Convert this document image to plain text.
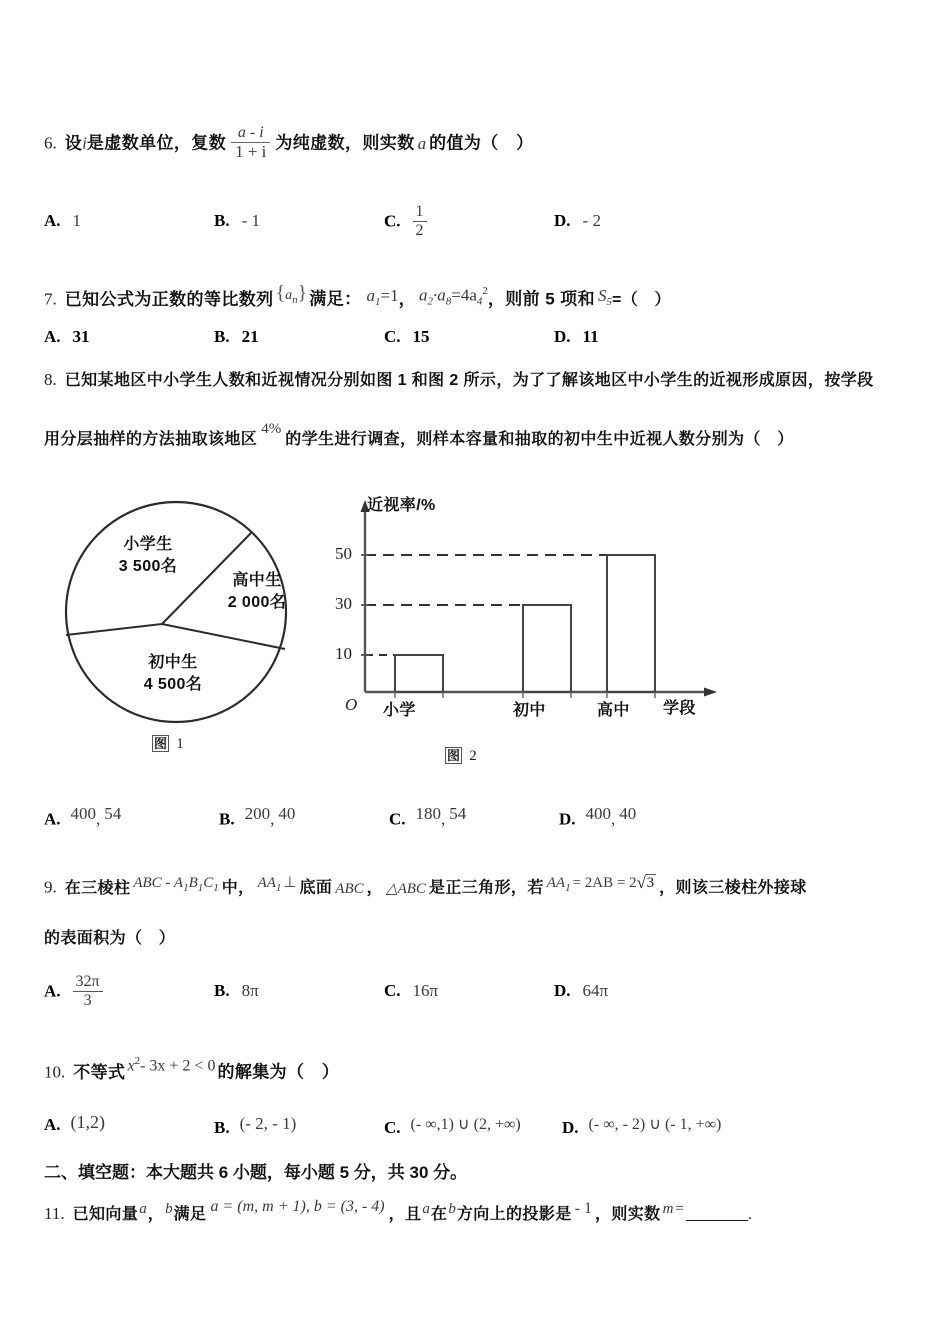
6. 设i是虚数单位，复数 $\frac{a - i}{1 + i}$ 为纯虚数，则实数 a 的值为（　）
A. 1	B. - 1	C. $\frac{1}{2}$	D. - 2
7. 已知公式为正数的等比数列 $\{a_n\}$ 满足： $a_1=1$， $a_2\cdot a_8=4a_4^2$，则前 5 项和 $S_5=$（　）
A. 31	B. 21	C. 15	D. 11
8. 已知某地区中小学生人数和近视情况分别如图 1 和图 2 所示，为了了解该地区中小学生的近视形成原因，按学段
用分层抽样的方法抽取该地区4%的学生进行调查，则样本容量和抽取的初中生中近视人数分别为（　）
小学生
3 500名
高中生
2 000名
初中生
4 500名
图 1
近视率/%
50
30
10
O 小学	初中	高中 学段
图 2
A. 400, 54	B. 200, 40	C. 180, 54	D. 400, 40
9. 在三棱柱 ABC - $A_1B_1C_1$ 中， $AA_1$ ⊥ 底面 ABC ， △ABC 是正三角形，若 $AA_1 = 2AB = 2$ √ 3 ，则该三棱柱外接球
的表面积为（　）
A. $\frac{32\pi}{3}$	B. 8π	C. 16π	D. 64π
10. 不等式 $x^2-$ 3x + 2 < 0 的解集为（　）
A. (1,2)	B. (- 2, - 1)	C. (- ∞,1) ∪ (2, +∞) D. (- ∞, - 2) ∪ (- 1, +∞)
二、填空题：本大题共 6 小题，每小题 5 分，共 30 分。
11. 已知向量a，b满足 a = (m, m + 1), b = (3, - 4) ，且a在b方向上的投影是 - 1 ，则实数 m =	.
